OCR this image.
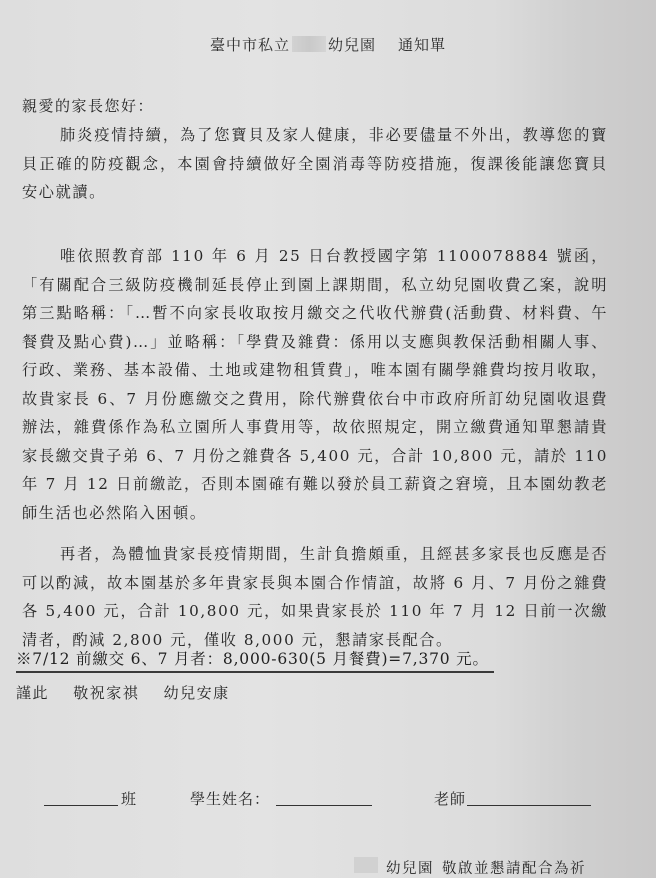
臺中市私立	幼兒園 通知單
親愛的家長您好：

肺炎疫情持續，為了您寶貝及家人健康，非必要儘量不外出，教導您的寶貝正確的防疫觀念，本園會持續做好全園消毒等防疫措施，復課後能讓您寶貝安心就讀。

唯依照教育部 110 年 6 月 25 日台教授國字第 1100078884 號函，「有關配合三級防疫機制延長停止到園上課期間，私立幼兒園收費乙案，說明第三點略稱：「…暫不向家長收取按月繳交之代收代辦費(活動費、材料費、午餐費及點心費)…」並略稱：「學費及雜費：係用以支應與教保活動相關人事、行政、業務、基本設備、土地或建物租賃費」，唯本園有關學雜費均按月收取，故貴家長 6、7 月份應繳交之費用，除代辦費依台中市政府所訂幼兒園收退費辦法，雜費係作為私立園所人事費用等，故依照規定，開立繳費通知單懇請貴家長繳交貴子弟 6、7 月份之雜費各 5,400 元，合計 10,800 元，請於 110 年 7 月 12 日前繳訖，否則本園確有難以發於員工薪資之窘境，且本園幼教老師生活也必然陷入困頓。

再者，為體恤貴家長疫情期間，生計負擔頗重，且經甚多家長也反應是否可以酌減，故本園基於多年貴家長與本園合作情誼，故將 6 月、7 月份之雜費各 5,400 元，合計 10,800 元，如果貴家長於 110 年 7 月 12 日前一次繳清者，酌減 2,800 元，僅收 8,000 元，懇請家長配合。

※7/12 前繳交 6、7 月者：8,000-630(5 月餐費)=7,370 元。
謹此 敬祝家祺 幼兒安康
班	學生姓名：	老師
幼兒園 敬啟並懇請配合為祈
